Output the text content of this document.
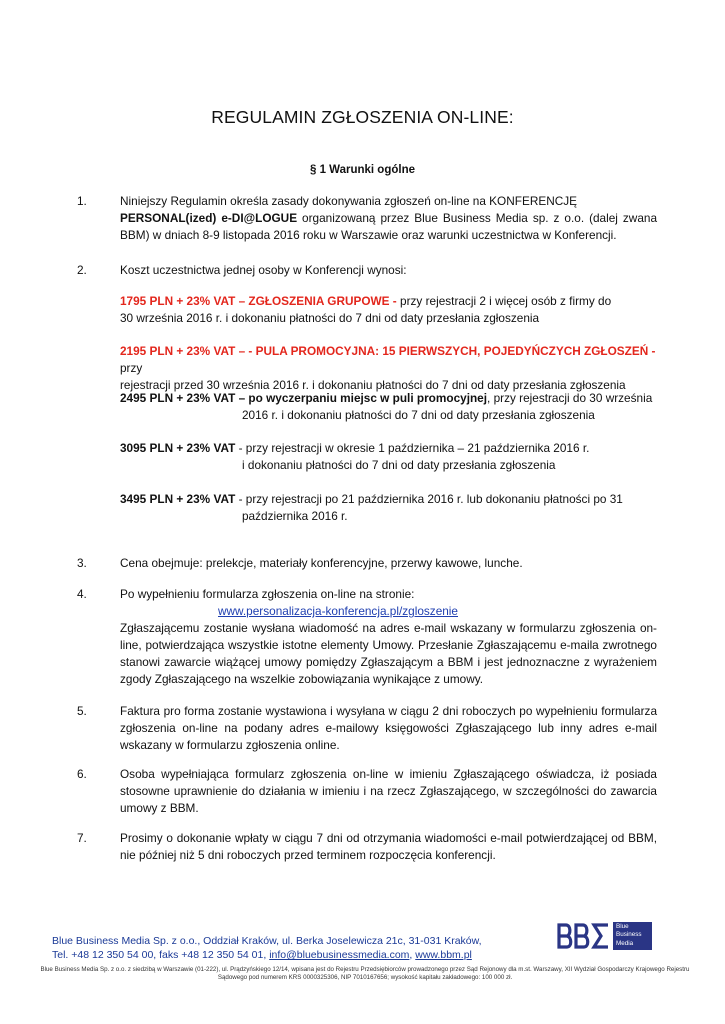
REGULAMIN ZGŁOSZENIA ON-LINE:
§ 1 Warunki ogólne
1.	Niniejszy Regulamin określa zasady dokonywania zgłoszeń on-line na KONFERENCJĘ
PERSONAL(ized) e-DI@LOGUE organizowaną przez Blue Business Media sp. z o.o. (dalej zwana BBM) w dniach 8-9 listopada 2016 roku w Warszawie oraz warunki uczestnictwa w Konferencji.
2.	Koszt uczestnictwa jednej osoby w Konferencji wynosi:
1795 PLN + 23% VAT – ZGŁOSZENIA GRUPOWE - przy rejestracji 2 i więcej osób z firmy do
30 września 2016 r. i dokonaniu płatności do 7 dni od daty przesłania zgłoszenia
2195 PLN + 23% VAT – - PULA PROMOCYJNA: 15 PIERWSZYCH, POJEDYŃCZYCH ZGŁOSZEŃ - przy
rejestracji przed 30 września 2016 r. i dokonaniu płatności do 7 dni od daty przesłania zgłoszenia
2495 PLN + 23% VAT – po wyczerpaniu miejsc w puli promocyjnej, przy rejestracji do 30 września
2016 r. i dokonaniu płatności do 7 dni od daty przesłania zgłoszenia
3095 PLN + 23% VAT - przy rejestracji w okresie 1 października – 21 października 2016 r.
i dokonaniu płatności do 7 dni od daty przesłania zgłoszenia
3495 PLN + 23% VAT - przy rejestracji po 21 października 2016 r. lub dokonaniu płatności po 31
października 2016 r.
3.	Cena obejmuje: prelekcje, materiały konferencyjne, przerwy kawowe, lunche.
4.	Po wypełnieniu formularza zgłoszenia on-line na stronie:
www.personalizacja-konferencja.pl/zgloszenie
Zgłaszającemu zostanie wysłana wiadomość na adres e-mail wskazany w formularzu zgłoszenia on-line, potwierdzająca wszystkie istotne elementy Umowy. Przesłanie Zgłaszającemu e-maila zwrotnego stanowi zawarcie wiążącej umowy pomiędzy Zgłaszającym a BBM i jest jednoznaczne z wyrażeniem zgody Zgłaszającego na wszelkie zobowiązania wynikające z umowy.
5.	Faktura pro forma zostanie wystawiona i wysyłana w ciągu 2 dni roboczych po wypełnieniu formularza zgłoszenia on-line na podany adres e-mailowy księgowości Zgłaszającego lub inny adres e-mail wskazany w formularzu zgłoszenia online.
6.	Osoba wypełniająca formularz zgłoszenia on-line w imieniu Zgłaszającego oświadcza, iż posiada stosowne uprawnienie do działania w imieniu i na rzecz Zgłaszającego, w szczególności do zawarcia umowy z BBM.
7.	Prosimy o dokonanie wpłaty w ciągu 7 dni od otrzymania wiadomości e-mail potwierdzającej od BBM, nie później niż 5 dni roboczych przed terminem rozpoczęcia konferencji.
Blue Business Media Sp. z o.o., Oddział Kraków, ul. Berka Joselewicza 21c, 31-031 Kraków,
Tel. +48 12 350 54 00, faks +48 12 350 54 01, info@bluebusinessmedia.com, www.bbm.pl
BBE
Blue
Business
Media
Blue Business Media Sp. z o.o. z siedzibą w Warszawie (01-222), ul. Prądzyńskiego 12/14, wpisana jest do Rejestru Przedsiębiorców prowadzonego przez Sąd Rejonowy dla m.st. Warszawy, XII Wydział Gospodarczy Krajowego Rejestru Sądowego pod numerem KRS 0000325306, NIP 7010167656; wysokość kapitału zakładowego: 100 000 zł.
